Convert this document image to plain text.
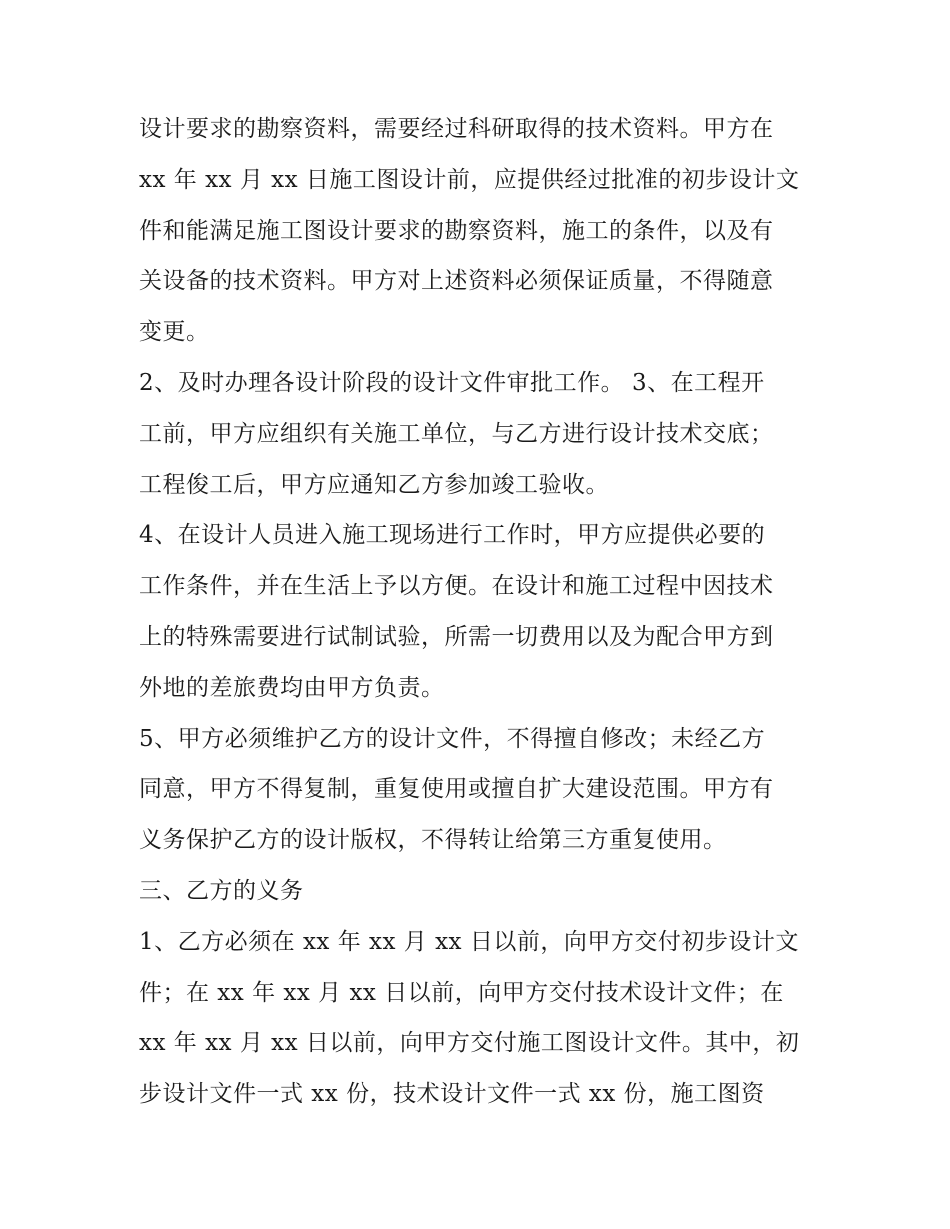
设计要求的勘察资料，需要经过科研取得的技术资料。甲方在
xx 年 xx 月 xx 日施工图设计前，应提供经过批准的初步设计文
件和能满足施工图设计要求的勘察资料，施工的条件，以及有
关设备的技术资料。甲方对上述资料必须保证质量，不得随意
变更。
2、及时办理各设计阶段的设计文件审批工作。 3、在工程开
工前，甲方应组织有关施工单位，与乙方进行设计技术交底；
工程俊工后，甲方应通知乙方参加竣工验收。
4、在设计人员进入施工现场进行工作时，甲方应提供必要的
工作条件，并在生活上予以方便。在设计和施工过程中因技术
上的特殊需要进行试制试验，所需一切费用以及为配合甲方到
外地的差旅费均由甲方负责。
5、甲方必须维护乙方的设计文件，不得擅自修改；未经乙方
同意，甲方不得复制，重复使用或擅自扩大建设范围。甲方有
义务保护乙方的设计版权，不得转让给第三方重复使用。
三、乙方的义务
1、乙方必须在 xx 年 xx 月 xx 日以前，向甲方交付初步设计文
件；在 xx 年 xx 月 xx 日以前，向甲方交付技术设计文件；在
xx 年 xx 月 xx 日以前，向甲方交付施工图设计文件。其中，初
步设计文件一式 xx 份，技术设计文件一式 xx 份，施工图资
